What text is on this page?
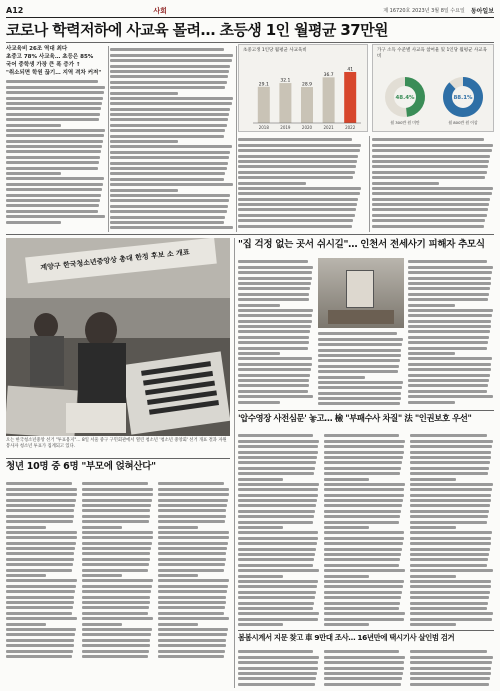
A12	사회	제 16720호 2023년 3월 8일 수요일 동아일보
코로나 학력저하에 사교육 몰려… 초등생 1인 월평균 37만원
사교육비 26조 역대 최다
초중고 78% 사교육… 초등은 85%
국어 중학생 가장 큰 폭 증가 ↑
"취소되면 학원 끊기… 지역 격차 커져"
초중고생 1인당 월평균 사교육비
29.1
2018
32.1
2019
28.9
2020
36.7
2021
41
2022
가구 소득 수준별 사교육 참여율 및 1인당 월평균 사교육비
48.4%
월 300만 원 미만
88.1%
월 800만 원 이상
"집 걱정 없는 곳서 쉬시길"… 인천서 전세사기 피해자 추모식
'압수영장 사전심문' 놓고… 檢 "부패수사 차질" 法 "인권보호 우선"
봄봄시계서 지문 찾고 車 9만대 조사… 16년만에 택시기사 살인범 검거
계양구 한국청소년중앙상 총대 한정 후보 소 개표
오는 한국청소년중앙 선거 "투표용지"… 8일 서울 중구 구민회관에서 열린 청소년 '청소년 중앙회' 선거 개표 결과 자원봉사자 청소년 투표가 집계되고 있다.
청년 10명 중 6명 "부모에 얹혀산다"
